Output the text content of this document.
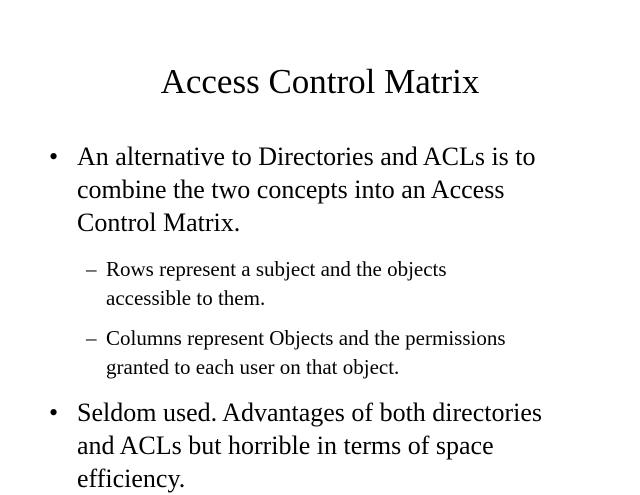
Access Control Matrix
• An alternative to Directories and ACLs is to
combine the two concepts into an Access
Control Matrix.
– Rows represent a subject and the objects
accessible to them.
– Columns represent Objects and the permissions
granted to each user on that object.
• Seldom used. Advantages of both directories
and ACLs but horrible in terms of space
efficiency.
